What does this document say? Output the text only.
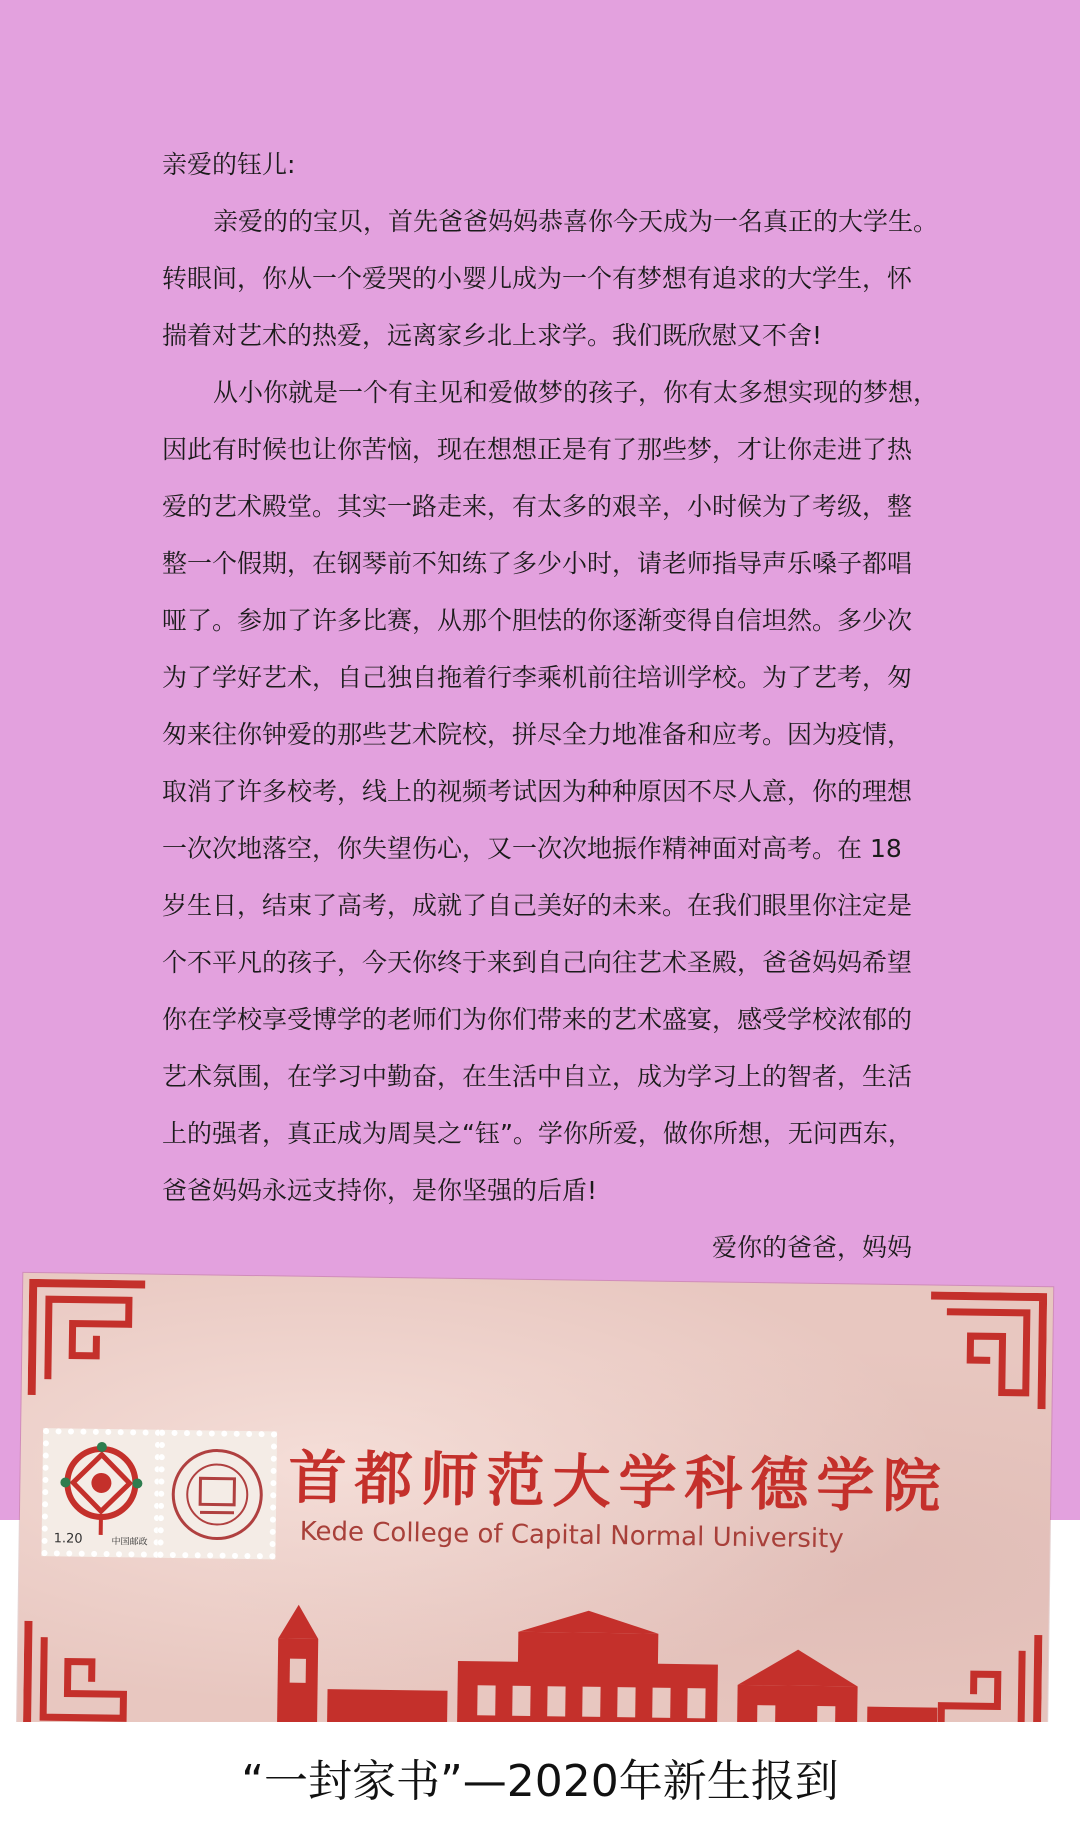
亲爱的钰儿:

亲爱的的宝贝，首先爸爸妈妈恭喜你今天成为一名真正的大学生。

转眼间，你从一个爱哭的小婴儿成为一个有梦想有追求的大学生，怀

揣着对艺术的热爱，远离家乡北上求学。我们既欣慰又不舍!

从小你就是一个有主见和爱做梦的孩子，你有太多想实现的梦想，

因此有时候也让你苦恼，现在想想正是有了那些梦，才让你走进了热

爱的艺术殿堂。其实一路走来，有太多的艰辛，小时候为了考级，整

整一个假期，在钢琴前不知练了多少小时，请老师指导声乐嗓子都唱

哑了。参加了许多比赛，从那个胆怯的你逐渐变得自信坦然。多少次

为了学好艺术，自己独自拖着行李乘机前往培训学校。为了艺考，匆

匆来往你钟爱的那些艺术院校，拼尽全力地准备和应考。因为疫情，

取消了许多校考，线上的视频考试因为种种原因不尽人意，你的理想

一次次地落空，你失望伤心，又一次次地振作精神面对高考。在 18

岁生日，结束了高考，成就了自己美好的未来。在我们眼里你注定是

个不平凡的孩子，今天你终于来到自己向往艺术圣殿，爸爸妈妈希望

你在学校享受博学的老师们为你们带来的艺术盛宴，感受学校浓郁的

艺术氛围，在学习中勤奋，在生活中自立，成为学习上的智者，生活

上的强者，真正成为周昊之“钰”。学你所爱，做你所想，无问西东，

爸爸妈妈永远支持你，是你坚强的后盾!

爱你的爸爸，妈妈

1.20	中国邮政
首都师范大学科德学院
Kede College of Capital Normal University
“一封家书”—2020年新生报到
